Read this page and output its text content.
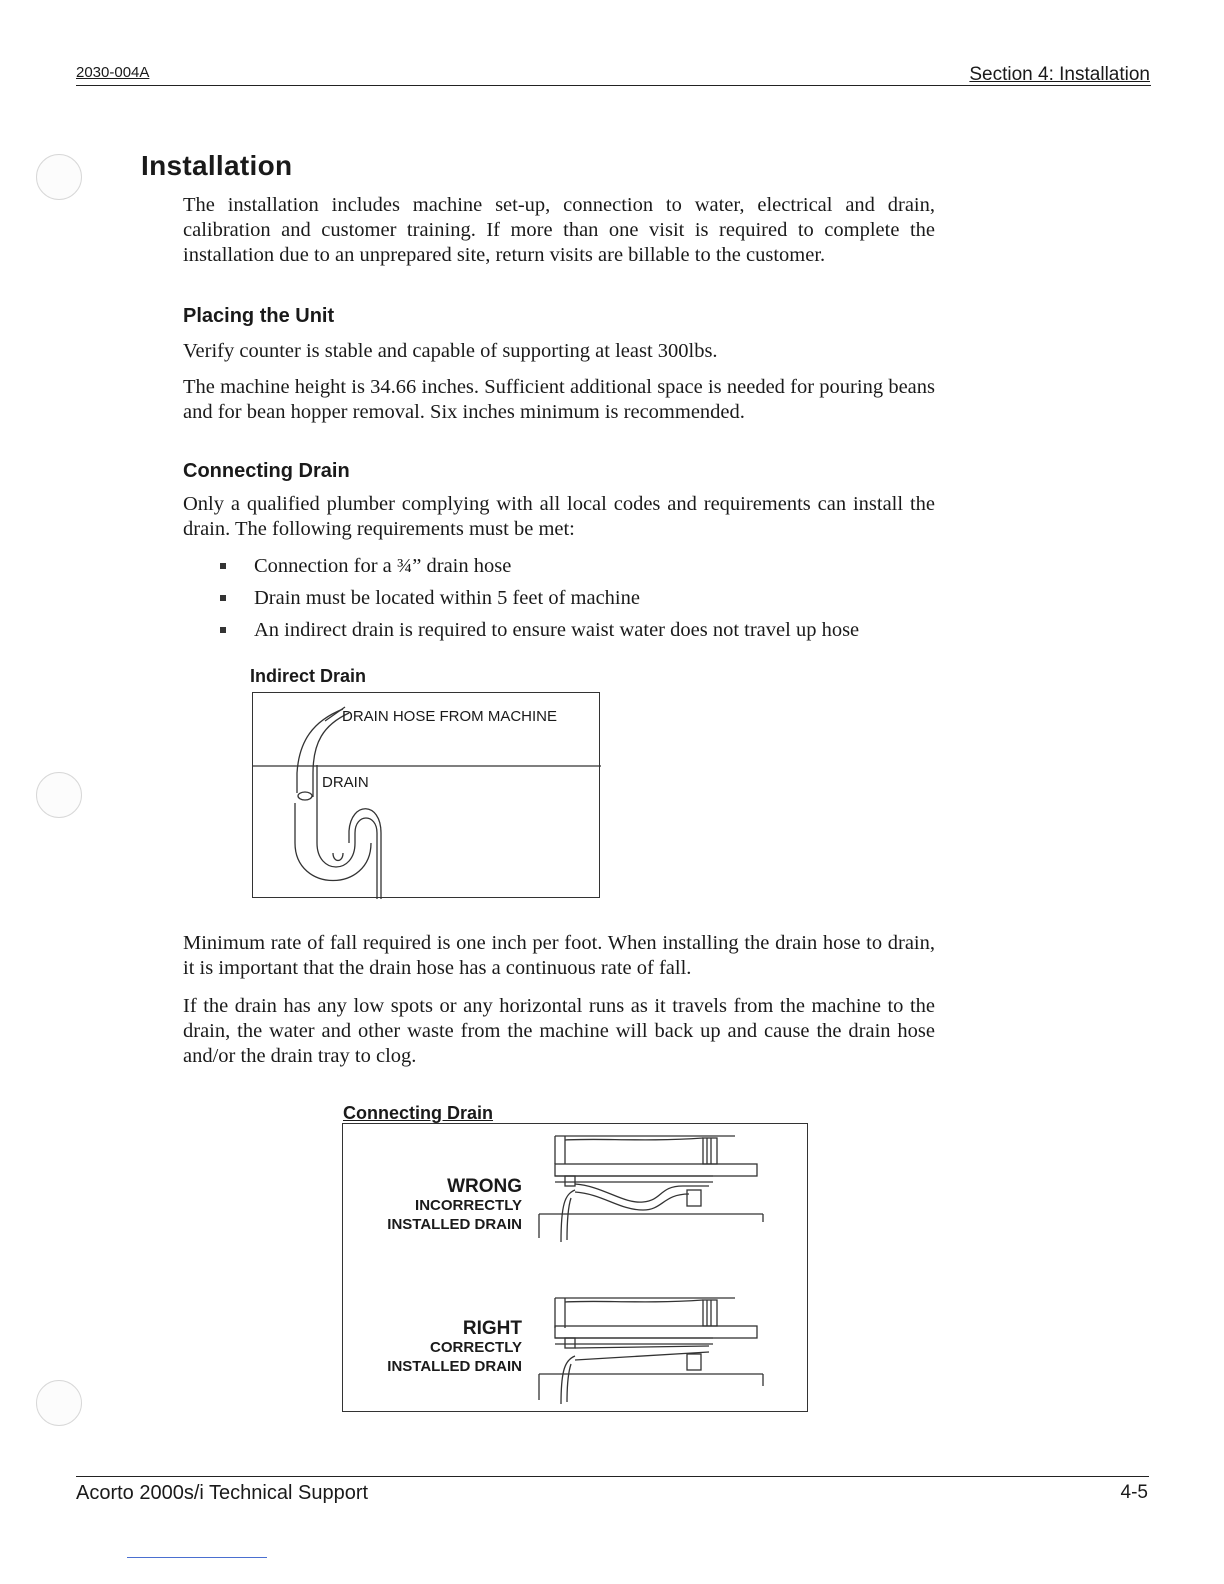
2030-004A	Section 4: Installation
Installation

The installation includes machine set-up, connection to water, electrical and drain, calibration and customer training. If more than one visit is required to complete the installation due to an unprepared site, return visits are billable to the customer.

Placing the Unit

Verify counter is stable and capable of supporting at least 300lbs.

The machine height is 34.66 inches. Sufficient additional space is needed for pouring beans and for bean hopper removal. Six inches minimum is recommended.

Connecting Drain

Only a qualified plumber complying with all local codes and requirements can install the drain. The following requirements must be met:

Connection for a ¾” drain hose
Drain must be located within 5 feet of machine
An indirect drain is required to ensure waist water does not travel up hose
Indirect Drain
DRAIN HOSE FROM MACHINE
DRAIN

Minimum rate of fall required is one inch per foot. When installing the drain hose to drain, it is important that the drain hose has a continuous rate of fall.

If the drain has any low spots or any horizontal runs as it travels from the machine to the drain, the water and other waste from the machine will back up and cause the drain hose and/or the drain tray to clog.

Connecting Drain
WRONG
INCORRECTLY
INSTALLED DRAIN
RIGHT
CORRECTLY
INSTALLED DRAIN
Acorto 2000s/i Technical Support	4-5
